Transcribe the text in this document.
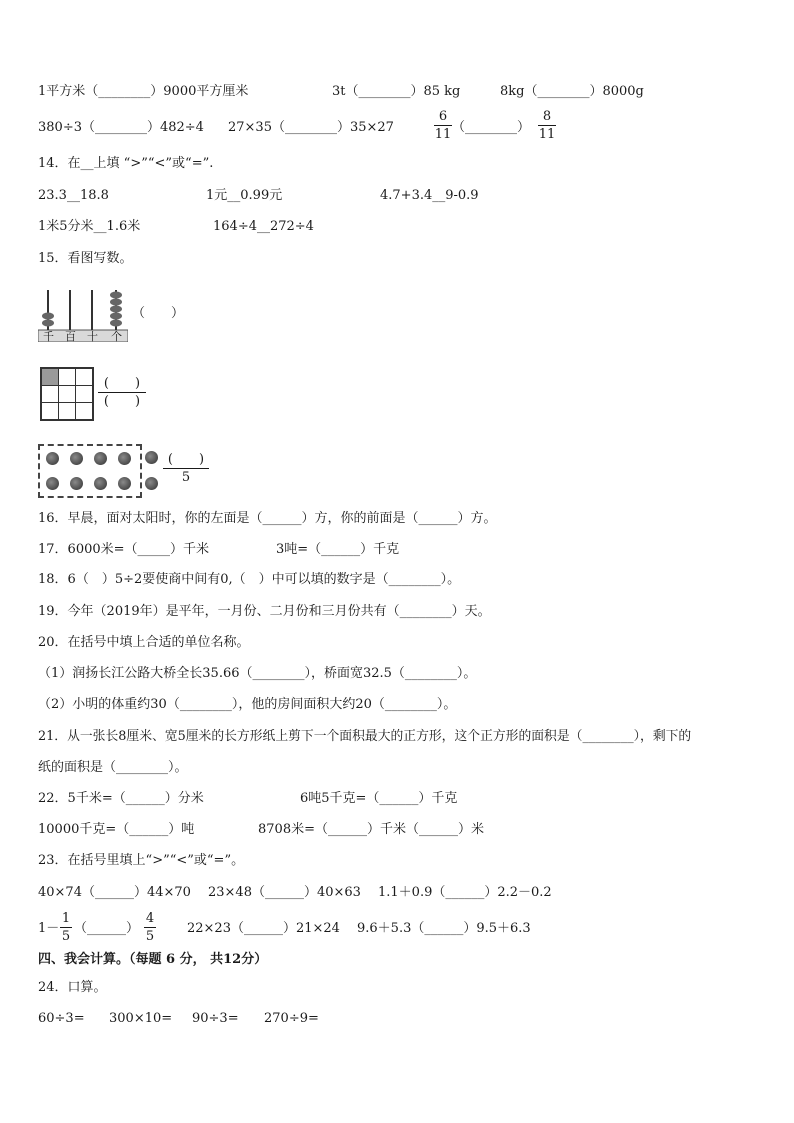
1平方米（________）9000平方厘米	3t（________）85 kg	8kg（________）8000g
380÷3（________）482÷4 27×35（________）35×27
6
11 （________）
8
11
14．在__上填 “>”“<”或“=”.
23.3__18.8	1元__0.99元	4.7+3.4__9-0.9
1米5分米__1.6米	164÷4__272÷4
15．看图写数。
千 百 十 个
（　　）

(　　)
(　　)
(　　)
5
16．早晨，面对太阳时，你的左面是（______）方，你的前面是（______）方。
17．6000米=（_____）千米	3吨=（______）千克
18．6（　）5÷2要使商中间有0,（　）中可以填的数字是（________）。
19．今年（2019年）是平年，一月份、二月份和三月份共有（________）天。
20．在括号中填上合适的单位名称。
（1）润扬长江公路大桥全长35.66（________），桥面宽32.5（________）。
（2）小明的体重约30（________），他的房间面积大约20（________）。
21．从一张长8厘米、宽5厘米的长方形纸上剪下一个面积最大的正方形，这个正方形的面积是（________），剩下的
纸的面积是（________）。
22．5千米=（______）分米	6吨5千克=（______）千克
10000千克=（______）吨	8708米=（______）千米（______）米
23．在括号里填上“>”“<”或“=”。
40×74（______）44×70 23×48（______）40×63 1.1＋0.9（______）2.2－0.2
1－
1
5
（______）
4
5
22×23（______）21×24 9.6＋5.3（______）9.5＋6.3
四、我会计算。（每题 6 分， 共12分）
24．口算。
60÷3= 300×10= 90÷3= 270÷9=
